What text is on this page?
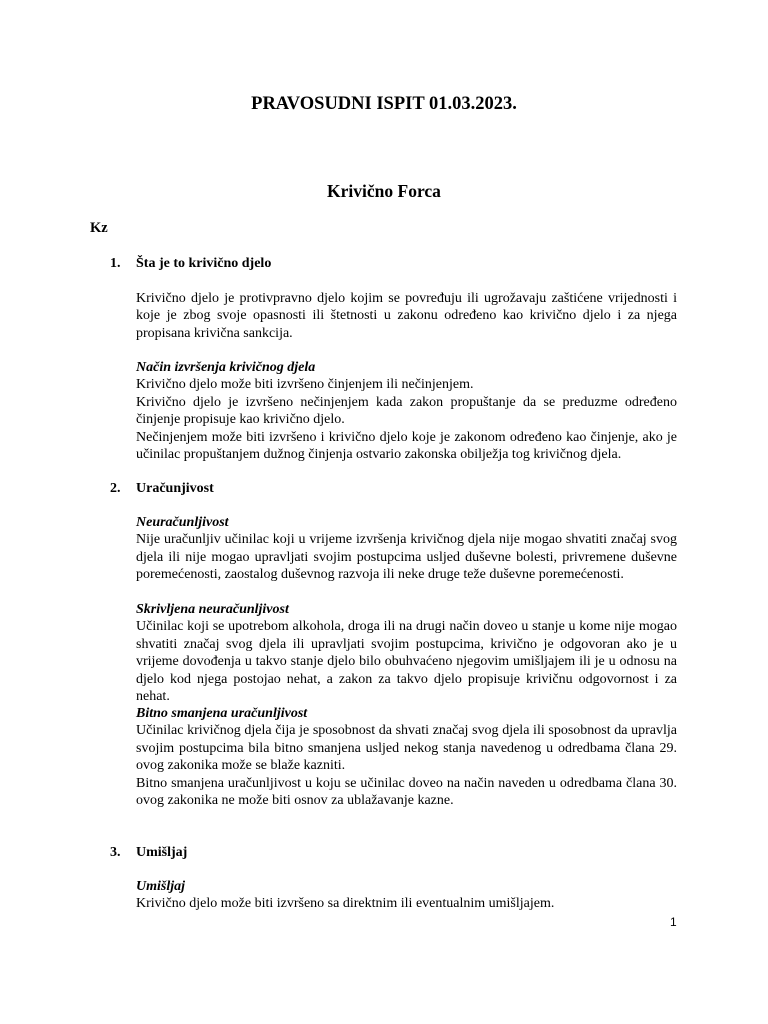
PRAVOSUDNI ISPIT 01.03.2023.
Krivično Forca
Kz
1. Šta je to krivično djelo

Krivično djelo je protivpravno djelo kojim se povređuju ili ugrožavaju zaštićene vrijednosti i koje je zbog svoje opasnosti ili štetnosti u zakonu određeno kao krivično djelo i za njega propisana krivična sankcija.

Način izvršenja krivičnog djela

Krivično djelo može biti izvršeno činjenjem ili nečinjenjem.

Krivično djelo je izvršeno nečinjenjem kada zakon propuštanje da se preduzme određeno činjenje propisuje kao krivično djelo.

Nečinjenjem može biti izvršeno i krivično djelo koje je zakonom određeno kao činjenje, ako je učinilac propuštanjem dužnog činjenja ostvario zakonska obilježja tog krivičnog djela.

2. Uračunjivost

Neuračunljivost

Nije uračunljiv učinilac koji u vrijeme izvršenja krivičnog djela nije mogao shvatiti značaj svog djela ili nije mogao upravljati svojim postupcima usljed duševne bolesti, privremene duševne poremećenosti, zaostalog duševnog razvoja ili neke druge teže duševne poremećenosti.

Skrivljena neuračunljivost

Učinilac koji se upotrebom alkohola, droga ili na drugi način doveo u stanje u kome nije mogao shvatiti značaj svog djela ili upravljati svojim postupcima, krivično je odgovoran ako je u vrijeme dovođenja u takvo stanje djelo bilo obuhvaćeno njegovim umišljajem ili je u odnosu na djelo kod njega postojao nehat, a zakon za takvo djelo propisuje krivičnu odgovornost i za nehat.

Bitno smanjena uračunljivost

Učinilac krivičnog djela čija je sposobnost da shvati značaj svog djela ili sposobnost da upravlja svojim postupcima bila bitno smanjena usljed nekog stanja navedenog u odredbama člana 29. ovog zakonika može se blaže kazniti.

Bitno smanjena uračunljivost u koju se učinilac doveo na način naveden u odredbama člana 30. ovog zakonika ne može biti osnov za ublažavanje kazne.

3. Umišljaj

Umišljaj

Krivično djelo može biti izvršeno sa direktnim ili eventualnim umišljajem.

1
